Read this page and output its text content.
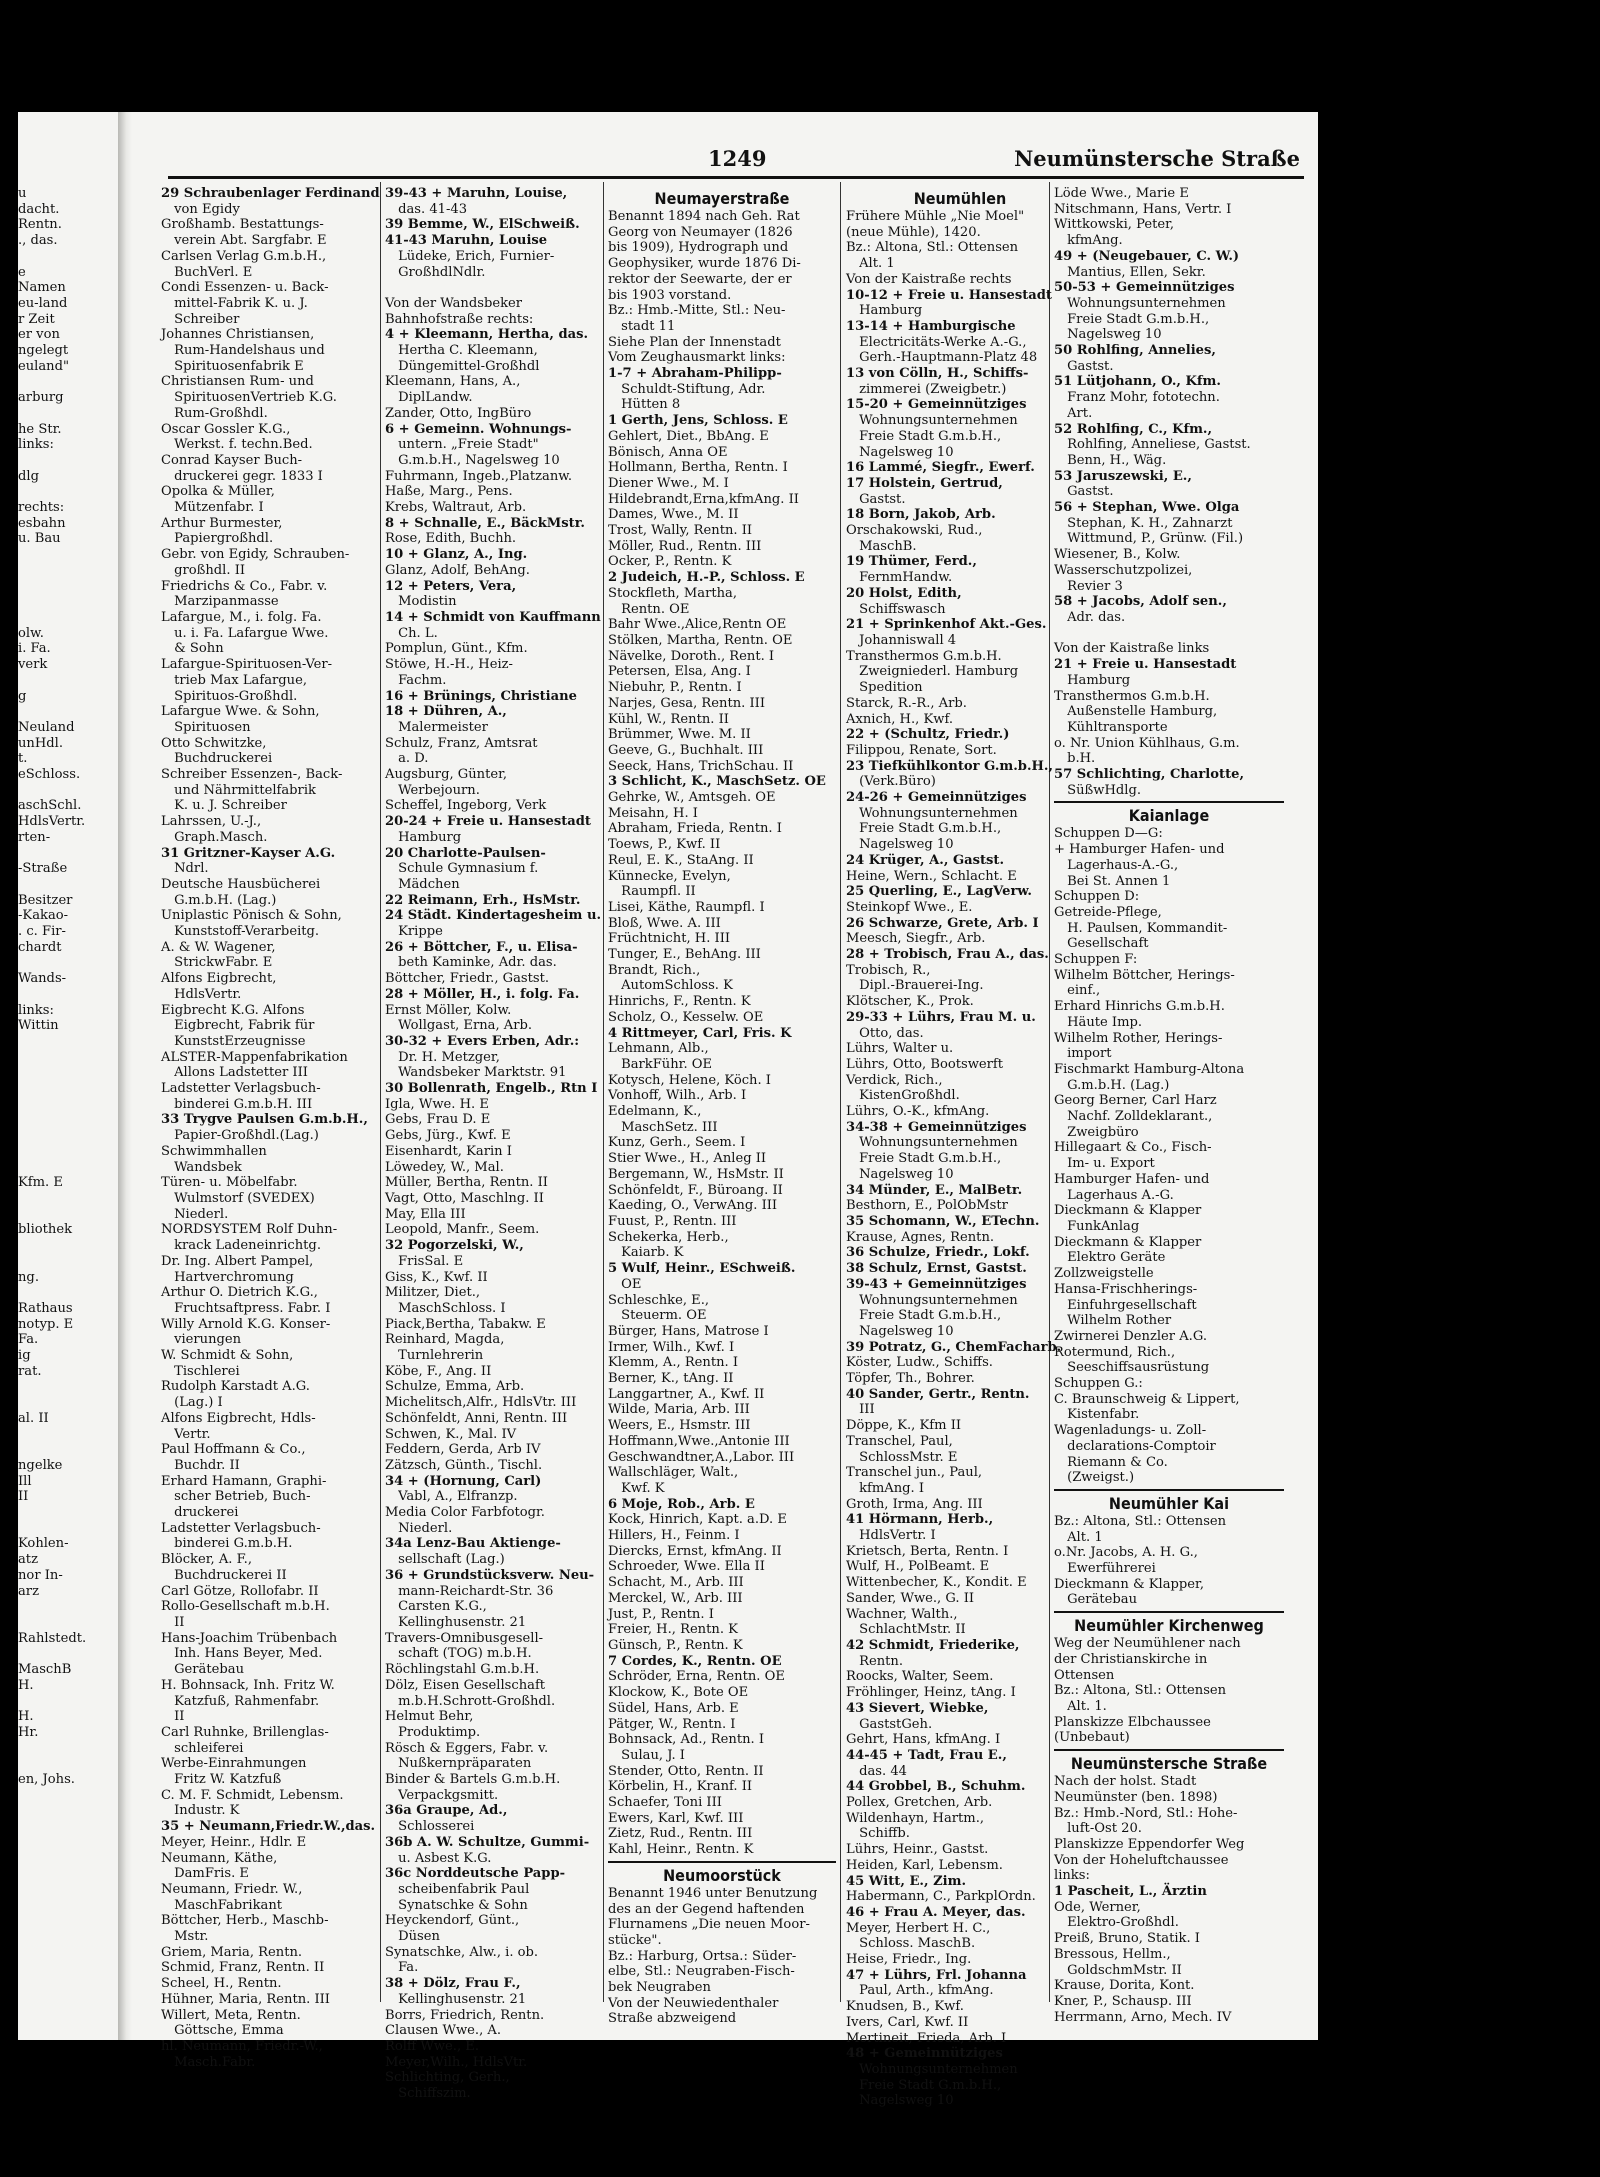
u
dacht.
Rentn.
., das.

e
Namen
eu-land
r Zeit
er von
ngelegt
euland"

arburg

he Str.
links:

dlg

rechts:
esbahn
u. Bau

olw.
i. Fa.
verk

g

Neuland
unHdl.
t.
eSchloss.

aschSchl.
HdlsVertr.
rten-

-Straße

Besitzer
-Kakao-
. c. Fir-
chardt

Wands-

links:
Wittin

Kfm. E

bliothek

ng.

Rathaus
notyp. E
Fa.
ig
rat.

al. II

ngelke
Ill
II

Kohlen-
atz
nor In-
arz

Rahlstedt.

MaschB
H.

H.
Hr.

en, Johs.
1249	Neumünstersche Straße
29 Schraubenlager Ferdinand
 von Egidy
Großhamb. Bestattungs-
 verein Abt. Sargfabr. E
Carlsen Verlag G.m.b.H.,
 BuchVerl. E
Condi Essenzen- u. Back-
 mittel-Fabrik K. u. J.
 Schreiber
Johannes Christiansen,
 Rum-Handelshaus und
 Spirituosenfabrik E
Christiansen Rum- und
 SpirituosenVertrieb K.G.
 Rum-Großhdl.
Oscar Gossler K.G.,
 Werkst. f. techn.Bed.
Conrad Kayser Buch-
 druckerei gegr. 1833 I
Opolka & Müller,
 Mützenfabr. I
Arthur Burmester,
 Papiergroßhdl.
Gebr. von Egidy, Schrauben-
 großhdl. II
Friedrichs & Co., Fabr. v.
 Marzipanmasse
Lafargue, M., i. folg. Fa.
 u. i. Fa. Lafargue Wwe.
 & Sohn
Lafargue-Spirituosen-Ver-
 trieb Max Lafargue,
 Spirituos-Großhdl.
Lafargue Wwe. & Sohn,
 Spirituosen
Otto Schwitzke,
 Buchdruckerei
Schreiber Essenzen-, Back-
 und Nährmittelfabrik
 K. u. J. Schreiber
Lahrssen, U.-J.,
 Graph.Masch.
31 Gritzner-Kayser A.G.
 Ndrl.
Deutsche Hausbücherei
 G.m.b.H. (Lag.)
Uniplastic Pönisch & Sohn,
 Kunststoff-Verarbeitg.
A. & W. Wagener,
 StrickwFabr. E
Alfons Eigbrecht,
 HdlsVertr.
Eigbrecht K.G. Alfons
 Eigbrecht, Fabrik für
 KunststErzeugnisse
ALSTER-Mappenfabrikation
 Allons Ladstetter III
Ladstetter Verlagsbuch-
 binderei G.m.b.H. III
33 Trygve Paulsen G.m.b.H.,
 Papier-Großhdl.(Lag.)
Schwimmhallen
 Wandsbek
Türen- u. Möbelfabr.
 Wulmstorf (SVEDEX)
 Niederl.
NORDSYSTEM Rolf Duhn-
 krack Ladeneinrichtg.
Dr. Ing. Albert Pampel,
 Hartverchromung
Arthur O. Dietrich K.G.,
 Fruchtsaftpress. Fabr. I
Willy Arnold K.G. Konser-
 vierungen
W. Schmidt & Sohn,
 Tischlerei
Rudolph Karstadt A.G.
 (Lag.) I
Alfons Eigbrecht, Hdls-
 Vertr.
Paul Hoffmann & Co.,
 Buchdr. II
Erhard Hamann, Graphi-
 scher Betrieb, Buch-
 druckerei
Ladstetter Verlagsbuch-
 binderei G.m.b.H.
Blöcker, A. F.,
 Buchdruckerei II
Carl Götze, Rollofabr. II
Rollo-Gesellschaft m.b.H.
 II
Hans-Joachim Trübenbach
 Inh. Hans Beyer, Med.
 Gerätebau
H. Bohnsack, Inh. Fritz W.
 Katzfuß, Rahmenfabr.
 II
Carl Ruhnke, Brillenglas-
 schleiferei
Werbe-Einrahmungen
 Fritz W. Katzfuß
C. M. F. Schmidt, Lebensm.
 Industr. K
35 + Neumann,Friedr.W.,das.
Meyer, Heinr., Hdlr. E
Neumann, Käthe,
 DamFris. E
Neumann, Friedr. W.,
 MaschFabrikant
Böttcher, Herb., Maschb-
 Mstr.
Griem, Maria, Rentn.
Schmid, Franz, Rentn. II
Scheel, H., Rentn.
Hühner, Maria, Rentn. III
Willert, Meta, Rentn.
 Göttsche, Emma
hl. Neumann, Friedr.-W.,
 Masch.Fabr.
39-43 + Maruhn, Louise,
 das. 41-43
39 Bemme, W., ElSchweiß.
41-43 Maruhn, Louise
 Lüdeke, Erich, Furnier-
 GroßhdlNdlr.

Von der Wandsbeker
Bahnhofstraße rechts:
4 + Kleemann, Hertha, das.
 Hertha C. Kleemann,
 Düngemittel-Großhdl
Kleemann, Hans, A.,
 DiplLandw.
Zander, Otto, IngBüro
6 + Gemeinn. Wohnungs-
 untern. „Freie Stadt"
 G.m.b.H., Nagelsweg 10
Fuhrmann, Ingeb.,Platzanw.
Haße, Marg., Pens.
Krebs, Waltraut, Arb.
8 + Schnalle, E., BäckMstr.
Rose, Edith, Buchh.
10 + Glanz, A., Ing.
Glanz, Adolf, BehAng.
12 + Peters, Vera,
 Modistin
14 + Schmidt von Kauffmann
 Ch. L.
Pomplun, Günt., Kfm.
Stöwe, H.-H., Heiz-
 Fachm.
16 + Brünings, Christiane
18 + Dühren, A.,
 Malermeister
Schulz, Franz, Amtsrat
 a. D.
Augsburg, Günter,
 Werbejourn.
Scheffel, Ingeborg, Verk
20-24 + Freie u. Hansestadt
 Hamburg
20 Charlotte-Paulsen-
 Schule Gymnasium f.
 Mädchen
22 Reimann, Erh., HsMstr.
24 Städt. Kindertagesheim u.
 Krippe
26 + Böttcher, F., u. Elisa-
 beth Kaminke, Adr. das.
Böttcher, Friedr., Gastst.
28 + Möller, H., i. folg. Fa.
Ernst Möller, Kolw.
 Wollgast, Erna, Arb.
30-32 + Evers Erben, Adr.:
 Dr. H. Metzger,
 Wandsbeker Marktstr. 91
30 Bollenrath, Engelb., Rtn I
Igla, Wwe. H. E
Gebs, Frau D. E
Gebs, Jürg., Kwf. E
Eisenhardt, Karin I
Löwedey, W., Mal.
Müller, Bertha, Rentn. II
Vagt, Otto, Maschlng. II
May, Ella III
Leopold, Manfr., Seem.
32 Pogorzelski, W.,
 FrisSal. E
Giss, K., Kwf. II
Militzer, Diet.,
 MaschSchloss. I
Piack,Bertha, Tabakw. E
Reinhard, Magda,
 Turnlehrerin
Köbe, F., Ang. II
Schulze, Emma, Arb.
Michelitsch,Alfr., HdlsVtr. III
Schönfeldt, Anni, Rentn. III
Schwen, K., Mal. IV
Feddern, Gerda, Arb IV
Zätzsch, Günth., Tischl.
34 + (Hornung, Carl)
 Vabl, A., Elfranzp.
Media Color Farbfotogr.
 Niederl.
34a Lenz-Bau Aktienge-
 sellschaft (Lag.)
36 + Grundstücksverw. Neu-
 mann-Reichardt-Str. 36
 Carsten K.G.,
 Kellinghusenstr. 21
Travers-Omnibusgesell-
 schaft (TOG) m.b.H.
Röchlingstahl G.m.b.H.
Dölz, Eisen Gesellschaft
 m.b.H.Schrott-Großhdl.
Helmut Behr,
 Produktimp.
Rösch & Eggers, Fabr. v.
 Nußkernpräparaten
Binder & Bartels G.m.b.H.
 Verpackgsmitt.
36a Graupe, Ad.,
 Schlosserei
36b A. W. Schultze, Gummi-
 u. Asbest K.G.
36c Norddeutsche Papp-
 scheibenfabrik Paul
 Synatschke & Sohn
Heyckendorf, Günt.,
 Düsen
Synatschke, Alw., i. ob.
 Fa.
38 + Dölz, Frau F.,
 Kellinghusenstr. 21
Borrs, Friedrich, Rentn.
Clausen Wwe., A.
Rolff Wwe., E.
Meyer,Wilh., HdlsVtr.
Schlichting, Gerh.,
 Schiffszim.
Neumayerstraße
Benannt 1894 nach Geh. Rat
Georg von Neumayer (1826
bis 1909), Hydrograph und
Geophysiker, wurde 1876 Di-
rektor der Seewarte, der er
bis 1903 vorstand.
Bz.: Hmb.-Mitte, Stl.: Neu-
 stadt 11
Siehe Plan der Innenstadt
Vom Zeughausmarkt links:
1-7 + Abraham-Philipp-
 Schuldt-Stiftung, Adr.
 Hütten 8
1 Gerth, Jens, Schloss. E
Gehlert, Diet., BbAng. E
Bönisch, Anna OE
Hollmann, Bertha, Rentn. I
Diener Wwe., M. I
Hildebrandt,Erna,kfmAng. II
Dames, Wwe., M. II
Trost, Wally, Rentn. II
Möller, Rud., Rentn. III
Ocker, P., Rentn. K
2 Judeich, H.-P., Schloss. E
Stockfleth, Martha,
 Rentn. OE
Bahr Wwe.,Alice,Rentn OE
Stölken, Martha, Rentn. OE
Nävelke, Doroth., Rent. I
Petersen, Elsa, Ang. I
Niebuhr, P., Rentn. I
Narjes, Gesa, Rentn. III
Kühl, W., Rentn. II
Brümmer, Wwe. M. II
Geeve, G., Buchhalt. III
Seeck, Hans, TrichSchau. II
3 Schlicht, K., MaschSetz. OE
Gehrke, W., Amtsgeh. OE
Meisahn, H. I
Abraham, Frieda, Rentn. I
Toews, P., Kwf. II
Reul, E. K., StaAng. II
Künnecke, Evelyn,
 Raumpfl. II
Lisei, Käthe, Raumpfl. I
Bloß, Wwe. A. III
Früchtnicht, H. III
Tunger, E., BehAng. III
Brandt, Rich.,
 AutomSchloss. K
Hinrichs, F., Rentn. K
Scholz, O., Kesselw. OE
4 Rittmeyer, Carl, Fris. K
Lehmann, Alb.,
 BarkFühr. OE
Kotysch, Helene, Köch. I
Vonhoff, Wilh., Arb. I
Edelmann, K.,
 MaschSetz. III
Kunz, Gerh., Seem. I
Stier Wwe., H., Anleg II
Bergemann, W., HsMstr. II
Schönfeldt, F., Büroang. II
Kaeding, O., VerwAng. III
Fuust, P., Rentn. III
Schekerka, Herb.,
 Kaiarb. K
5 Wulf, Heinr., ESchweiß.
 OE
Schleschke, E.,
 Steuerm. OE
Bürger, Hans, Matrose I
Irmer, Wilh., Kwf. I
Klemm, A., Rentn. I
Berner, K., tAng. II
Langgartner, A., Kwf. II
Wilde, Maria, Arb. III
Weers, E., Hsmstr. III
Hoffmann,Wwe.,Antonie III
Geschwandtner,A.,Labor. III
Wallschläger, Walt.,
 Kwf. K
6 Moje, Rob., Arb. E
Kock, Hinrich, Kapt. a.D. E
Hillers, H., Feinm. I
Diercks, Ernst, kfmAng. II
Schroeder, Wwe. Ella II
Schacht, M., Arb. III
Merckel, W., Arb. III
Just, P., Rentn. I
Freier, H., Rentn. K
Günsch, P., Rentn. K
7 Cordes, K., Rentn. OE
Schröder, Erna, Rentn. OE
Klockow, K., Bote OE
Südel, Hans, Arb. E
Pätger, W., Rentn. I
Bohnsack, Ad., Rentn. I
 Sulau, J. I
Stender, Otto, Rentn. II
Körbelin, H., Kranf. II
Schaefer, Toni III
Ewers, Karl, Kwf. III
Zietz, Rud., Rentn. III
Kahl, Heinr., Rentn. K
Neumoorstück
Benannt 1946 unter Benutzung
des an der Gegend haftenden
Flurnamens „Die neuen Moor-
stücke".
Bz.: Harburg, Ortsa.: Süder-
elbe, Stl.: Neugraben-Fisch-
bek Neugraben
Von der Neuwiedenthaler
Straße abzweigend
Neumühlen
Frühere Mühle „Nie Moel"
(neue Mühle), 1420.
Bz.: Altona, Stl.: Ottensen
 Alt. 1
Von der Kaistraße rechts
10-12 + Freie u. Hansestadt
 Hamburg
13-14 + Hamburgische
 Electricitäts-Werke A.-G.,
 Gerh.-Hauptmann-Platz 48
13 von Cölln, H., Schiffs-
 zimmerei (Zweigbetr.)
15-20 + Gemeinnütziges
 Wohnungsunternehmen
 Freie Stadt G.m.b.H.,
 Nagelsweg 10
16 Lammé, Siegfr., Ewerf.
17 Holstein, Gertrud,
 Gastst.
18 Born, Jakob, Arb.
Orschakowski, Rud.,
 MaschB.
19 Thümer, Ferd.,
 FernmHandw.
20 Holst, Edith,
 Schiffswasch
21 + Sprinkenhof Akt.-Ges.
 Johanniswall 4
Transthermos G.m.b.H.
 Zweigniederl. Hamburg
 Spedition
Starck, R.-R., Arb.
Axnich, H., Kwf.
22 + (Schultz, Friedr.)
Filippou, Renate, Sort.
23 Tiefkühlkontor G.m.b.H.,
 (Verk.Büro)
24-26 + Gemeinnütziges
 Wohnungsunternehmen
 Freie Stadt G.m.b.H.,
 Nagelsweg 10
24 Krüger, A., Gastst.
Heine, Wern., Schlacht. E
25 Querling, E., LagVerw.
Steinkopf Wwe., E.
26 Schwarze, Grete, Arb. I
Meesch, Siegfr., Arb.
28 + Trobisch, Frau A., das.
Trobisch, R.,
 Dipl.-Brauerei-Ing.
Klötscher, K., Prok.
29-33 + Lührs, Frau M. u.
 Otto, das.
Lührs, Walter u.
Lührs, Otto, Bootswerft
Verdick, Rich.,
 KistenGroßhdl.
Lührs, O.-K., kfmAng.
34-38 + Gemeinnütziges
 Wohnungsunternehmen
 Freie Stadt G.m.b.H.,
 Nagelsweg 10
34 Münder, E., MalBetr.
Besthorn, E., PolObMstr
35 Schomann, W., ETechn.
Krause, Agnes, Rentn.
36 Schulze, Friedr., Lokf.
38 Schulz, Ernst, Gastst.
39-43 + Gemeinnütziges
 Wohnungsunternehmen
 Freie Stadt G.m.b.H.,
 Nagelsweg 10
39 Potratz, G., ChemFacharb.
Köster, Ludw., Schiffs.
Töpfer, Th., Bohrer.
40 Sander, Gertr., Rentn.
 III
Döppe, K., Kfm II
Transchel, Paul,
 SchlossMstr. E
Transchel jun., Paul,
 kfmAng. I
Groth, Irma, Ang. III
41 Hörmann, Herb.,
 HdlsVertr. I
Krietsch, Berta, Rentn. I
Wulf, H., PolBeamt. E
Wittenbecher, K., Kondit. E
Sander, Wwe., G. II
Wachner, Walth.,
 SchlachtMstr. II
42 Schmidt, Friederike,
 Rentn.
Roocks, Walter, Seem.
Fröhlinger, Heinz, tAng. I
43 Sievert, Wiebke,
 GaststGeh.
Gehrt, Hans, kfmAng. I
44-45 + Tadt, Frau E.,
 das. 44
44 Grobbel, B., Schuhm.
Pollex, Gretchen, Arb.
Wildenhayn, Hartm.,
 Schiffb.
Lührs, Heinr., Gastst.
Heiden, Karl, Lebensm.
45 Witt, E., Zim.
Habermann, C., ParkplOrdn.
46 + Frau A. Meyer, das.
Meyer, Herbert H. C.,
 Schloss. MaschB.
Heise, Friedr., Ing.
47 + Lührs, Frl. Johanna
 Paul, Arth., kfmAng.
Knudsen, B., Kwf.
Ivers, Carl, Kwf. II
Mertineit, Frieda, Arb. I
48 + Gemeinnütziges
 Wohnungsunternehmen
 Freie Stadt G.m.b.H.,
 Nagelsweg 10
Löde Wwe., Marie E
Nitschmann, Hans, Vertr. I
Wittkowski, Peter,
 kfmAng.
49 + (Neugebauer, C. W.)
 Mantius, Ellen, Sekr.
50-53 + Gemeinnütziges
 Wohnungsunternehmen
 Freie Stadt G.m.b.H.,
 Nagelsweg 10
50 Rohlfing, Annelies,
 Gastst.
51 Lütjohann, O., Kfm.
 Franz Mohr, fototechn.
 Art.
52 Rohlfing, C., Kfm.,
 Rohlfing, Anneliese, Gastst.
 Benn, H., Wäg.
53 Jaruszewski, E.,
 Gastst.
56 + Stephan, Wwe. Olga
 Stephan, K. H., Zahnarzt
 Wittmund, P., Grünw. (Fil.)
Wiesener, B., Kolw.
Wasserschutzpolizei,
 Revier 3
58 + Jacobs, Adolf sen.,
 Adr. das.

Von der Kaistraße links
21 + Freie u. Hansestadt
 Hamburg
Transthermos G.m.b.H.
 Außenstelle Hamburg,
 Kühltransporte
o. Nr. Union Kühlhaus, G.m.
 b.H.
57 Schlichting, Charlotte,
 SüßwHdlg.
Kaianlage
Schuppen D—G:
+ Hamburger Hafen- und
 Lagerhaus-A.-G.,
 Bei St. Annen 1
Schuppen D:
Getreide-Pflege,
 H. Paulsen, Kommandit-
 Gesellschaft
Schuppen F:
Wilhelm Böttcher, Herings-
 einf.,
Erhard Hinrichs G.m.b.H.
 Häute Imp.
Wilhelm Rother, Herings-
 import
Fischmarkt Hamburg-Altona
 G.m.b.H. (Lag.)
Georg Berner, Carl Harz
 Nachf. Zolldeklarant.,
 Zweigbüro
Hillegaart & Co., Fisch-
 Im- u. Export
Hamburger Hafen- und
 Lagerhaus A.-G.
Dieckmann & Klapper
 FunkAnlag
Dieckmann & Klapper
 Elektro Geräte
Zollzweigstelle
Hansa-Frischherings-
 Einfuhrgesellschaft
 Wilhelm Rother
Zwirnerei Denzler A.G.
Rotermund, Rich.,
 Seeschiffsausrüstung
Schuppen G.:
C. Braunschweig & Lippert,
 Kistenfabr.
Wagenladungs- u. Zoll-
 declarations-Comptoir
 Riemann & Co.
 (Zweigst.)
Neumühler Kai
Bz.: Altona, Stl.: Ottensen
 Alt. 1
o.Nr. Jacobs, A. H. G.,
 Ewerführerei
Dieckmann & Klapper,
 Gerätebau
Neumühler Kirchenweg
Weg der Neumühlener nach
der Christianskirche in
Ottensen
Bz.: Altona, Stl.: Ottensen
 Alt. 1.
Planskizze Elbchaussee
(Unbebaut)
Neumünstersche Straße
Nach der holst. Stadt
Neumünster (ben. 1898)
Bz.: Hmb.-Nord, Stl.: Hohe-
 luft-Ost 20.
Planskizze Eppendorfer Weg
Von der Hoheluftchaussee
links:
1 Pascheit, L., Ärztin
Ode, Werner,
 Elektro-Großhdl.
Preiß, Bruno, Statik. I
Bressous, Hellm.,
 GoldschmMstr. II
Krause, Dorita, Kont.
Kner, P., Schausp. III
Herrmann, Arno, Mech. IV
